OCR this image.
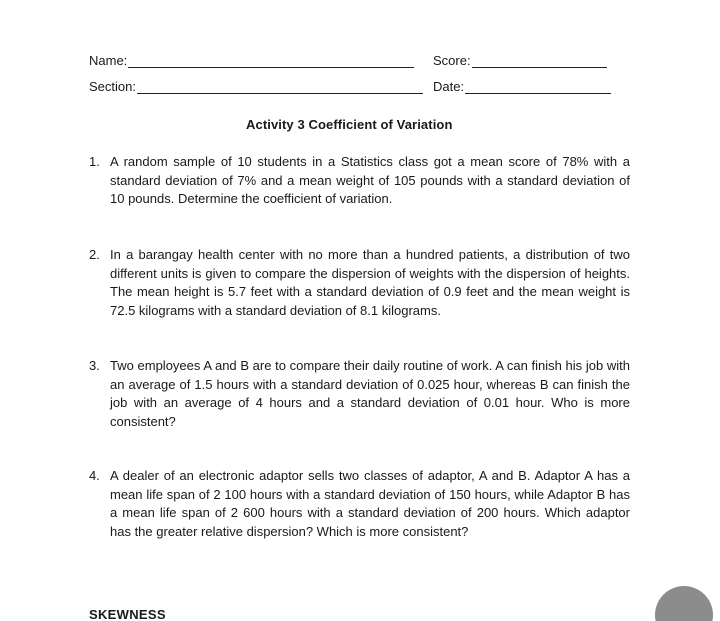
Name:	Score:
Section:	Date:
Activity 3 Coefficient of Variation
1. A random sample of 10 students in a Statistics class got a mean score of 78% with a standard deviation of 7% and a mean weight of 105 pounds with a standard deviation of 10 pounds. Determine the coefficient of variation.
2. In a barangay health center with no more than a hundred patients, a distribution of two different units is given to compare the dispersion of weights with the dispersion of heights. The mean height is 5.7 feet with a standard deviation of 0.9 feet and the mean weight is 72.5 kilograms with a standard deviation of 8.1 kilograms.
3. Two employees A and B are to compare their daily routine of work. A can finish his job with an average of 1.5 hours with a standard deviation of 0.025 hour, whereas B can finish the job with an average of 4 hours and a standard deviation of 0.01 hour. Who is more consistent?
4. A dealer of an electronic adaptor sells two classes of adaptor, A and B. Adaptor A has a mean life span of 2 100 hours with a standard deviation of 150 hours, while Adaptor B has a mean life span of 2 600 hours with a standard deviation of 200 hours. Which adaptor has the greater relative dispersion? Which is more consistent?
SKEWNESS
